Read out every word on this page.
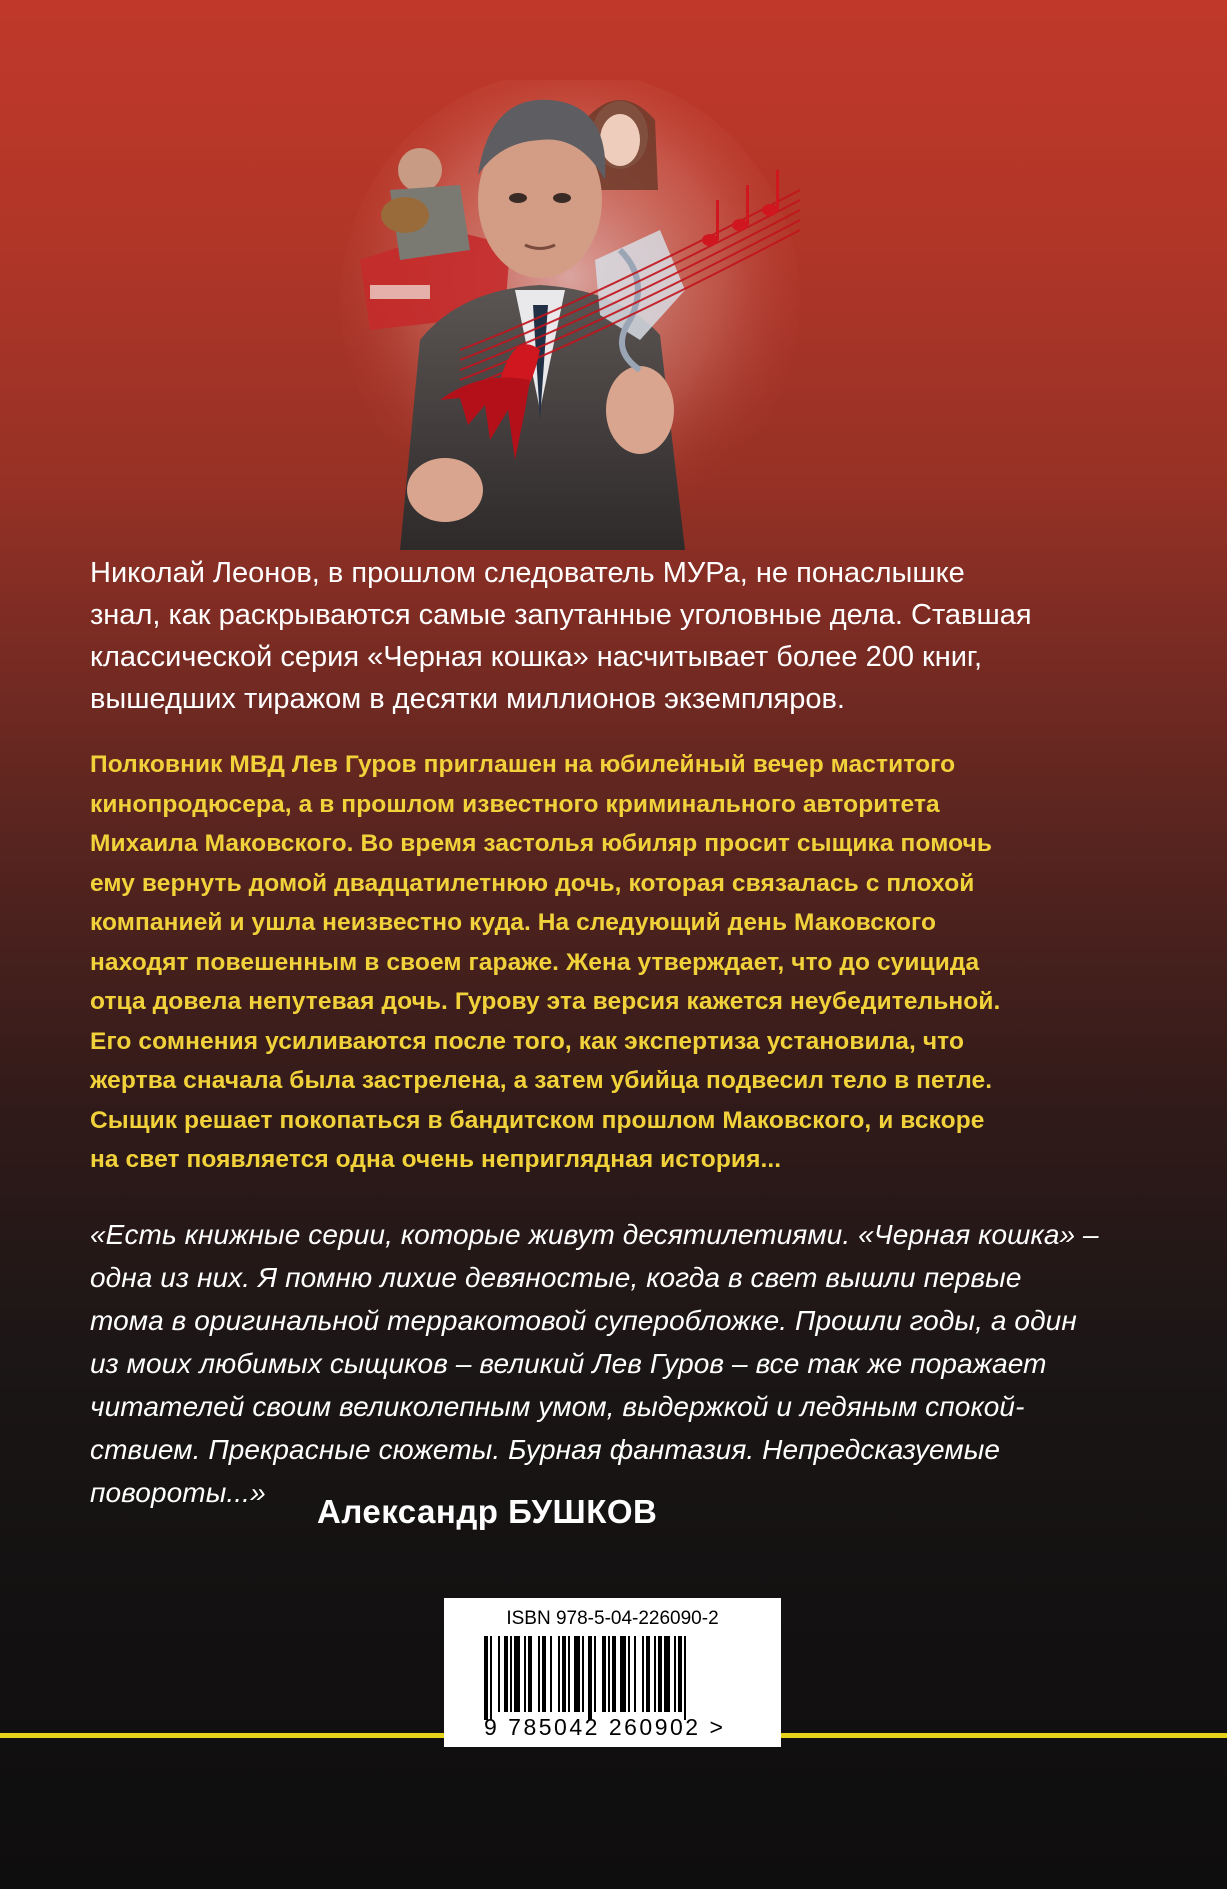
Николай Леонов, в прошлом следователь МУРа, не понаслышке
знал, как раскрываются самые запутанные уголовные дела. Ставшая
классической серия «Черная кошка» насчитывает более 200 книг,
вышедших тиражом в десятки миллионов экземпляров.

Полковник МВД Лев Гуров приглашен на юбилейный вечер маститого
кинопродюсера, а в прошлом известного криминального авторитета
Михаила Маковского. Во время застолья юбиляр просит сыщика помочь
ему вернуть домой двадцатилетнюю дочь, которая связалась с плохой
компанией и ушла неизвестно куда. На следующий день Маковского
находят повешенным в своем гараже. Жена утверждает, что до суицида
отца довела непутевая дочь. Гурову эта версия кажется неубедительной.
Его сомнения усиливаются после того, как экспертиза установила, что
жертва сначала была застрелена, а затем убийца подвесил тело в петле.
Сыщик решает покопаться в бандитском прошлом Маковского, и вскоре
на свет появляется одна очень неприглядная история...

«Есть книжные серии, которые живут десятилетиями. «Черная кошка» –
одна из них. Я помню лихие девяностые, когда в свет вышли первые
тома в оригинальной терракотовой суперобложке. Прошли годы, а один
из моих любимых сыщиков – великий Лев Гуров – все так же поражает
читателей своим великолепным умом, выдержкой и ледяным спокой-
ствием. Прекрасные сюжеты. Бурная фантазия. Непредсказуемые
повороты...»

Александр БУШКОВ
ISBN 978-5-04-226090-2
9 785042 260902 >
